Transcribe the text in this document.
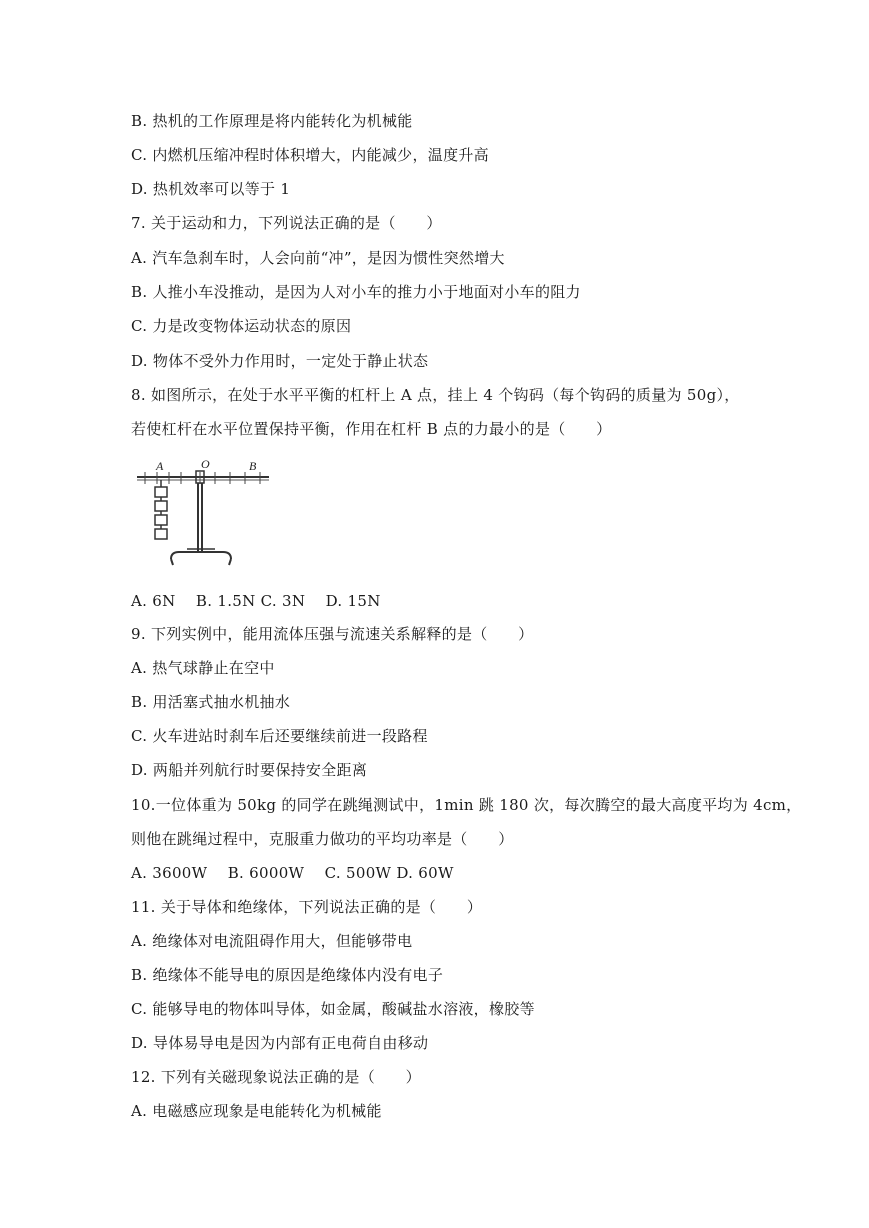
B. 热机的工作原理是将内能转化为机械能
C. 内燃机压缩冲程时体积增大，内能减少，温度升高
D. 热机效率可以等于 1
7. 关于运动和力，下列说法正确的是（　　）
A. 汽车急刹车时，人会向前“冲”，是因为惯性突然增大
B. 人推小车没推动，是因为人对小车的推力小于地面对小车的阻力
C. 力是改变物体运动状态的原因
D. 物体不受外力作用时，一定处于静止状态
8. 如图所示，在处于水平平衡的杠杆上 A 点，挂上 4 个钩码（每个钩码的质量为 50g），
若使杠杆在水平位置保持平衡，作用在杠杆 B 点的力最小的是（　　）
A	O	B
A. 6N　 B. 1.5N C. 3N　 D. 15N
9. 下列实例中，能用流体压强与流速关系解释的是（　　）
A. 热气球静止在空中
B. 用活塞式抽水机抽水
C. 火车进站时刹车后还要继续前进一段路程
D. 两船并列航行时要保持安全距离
10.一位体重为 50kg 的同学在跳绳测试中，1min 跳 180 次，每次腾空的最大高度平均为 4cm，
则他在跳绳过程中，克服重力做功的平均功率是（　　）
A. 3600W　 B. 6000W　 C. 500W D. 60W
11. 关于导体和绝缘体，下列说法正确的是（　　）
A. 绝缘体对电流阻碍作用大，但能够带电
B. 绝缘体不能导电的原因是绝缘体内没有电子
C. 能够导电的物体叫导体，如金属，酸碱盐水溶液，橡胶等
D. 导体易导电是因为内部有正电荷自由移动
12. 下列有关磁现象说法正确的是（　　）
A. 电磁感应现象是电能转化为机械能
